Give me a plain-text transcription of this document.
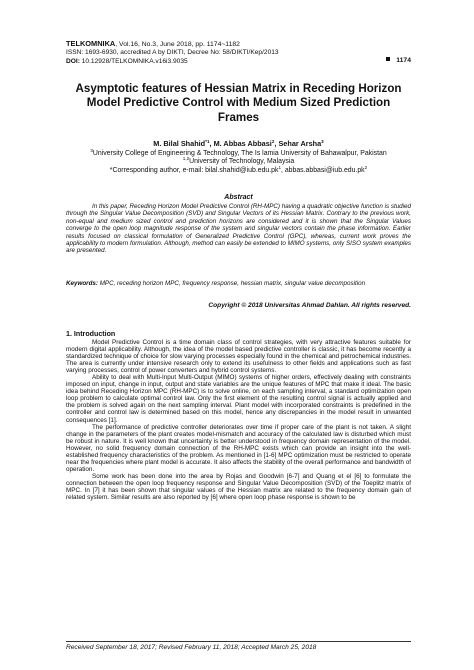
TELKOMNIKA, Vol.16, No.3, June 2018, pp. 1174~1182
ISSN: 1693-6930, accredited A by DIKTI, Decree No: 58/DIKTI/Kep/2013
DOI: 10.12928/TELKOMNIKA.v16i3.9035	1174
Asymptotic features of Hessian Matrix in Receding Horizon Model Predictive Control with Medium Sized Prediction Frames
M. Bilal Shahid$^{*1}$, M. Abbas Abbasi$^2$, Sehar Arsha$^3$
$^3$University College of Engineering & Technology, The Is lamia University of Bahawalpur, Pakistan
$^{1,2}$University of Technology, Malaysia
*Corresponding author, e-mail: $bilal.shahid@iub.edu.pk^1$, $abbas.abbasi@iub.edu.pk^2$
Abstract
In this paper, Receding Horizon Model Predictive Control (RH-MPC) having a quadratic objective function is studied through the Singular Value Decomposition (SVD) and Singular Vectors of its Hessian Matrix. Contrary to the previous work, non-equal and medium sized control and prediction horizons are considered and it is shown that the Singular Values converge to the open loop magnitude response of the system and singular vectors contain the phase information. Earlier results focused on classical formulation of Generalized Predictive Control (GPC), whereas, current work proves the applicability to modern formulation. Although, method can easily be extended to MIMO systems, only SISO system examples are presented.
Keywords: MPC, receding horizon MPC, frequency response, hessian matrix, singular value decomposition
Copyright © 2018 Universitas Ahmad Dahlan. All rights reserved.
1. Introduction

Model Predictive Control is a time domain class of control strategies, with very attractive features suitable for modern digital applicability. Although, the idea of the model based predictive controller is classic, it has become recently a standardized technique of choice for slow varying processes especially found in the chemical and petrochemical industries. The area is currently under intensive research only to extend its usefulness to other fields and applications such as fast varying processes, control of power converters and hybrid control systems.

Ability to deal with Multi-Input Multi-Output (MIMO) systems of higher orders, effectively dealing with constraints imposed on input, change in input, output and state variables are the unique features of MPC that make it ideal. The basic idea behind Receding Horizon MPC (RH-MPC) is to solve online, on each sampling interval, a standard optimization open loop problem to calculate optimal control law. Only the first element of the resulting control signal is actually applied and the problem is solved again on the next sampling interval. Plant model with incorporated constraints is predefined in the controller and control law is determined based on this model, hence any discrepancies in the model result in unwanted consequences [1].

The performance of predictive controller deteriorates over time if proper care of the plant is not taken. A slight change in the parameters of the plant creates model-mismatch and accuracy of the calculated law is disturbed which must be robust in nature. It is well known that uncertainty is better understood in frequency domain representation of the model. However, no solid frequency domain connection of the RH-MPC exists which can provide an insight into the well-established frequency characteristics of the problem. As mentioned in [1-6] MPC optimization must be restricted to operate near the frequencies where plant model is accurate. It also affects the stability of the overall performance and bandwidth of operation.

Some work has been done into the area by Rojas and Goodwin [6-7] and Quang et el [6] to formulate the connection between the open loop frequency response and Singular Value Decomposition (SVD) of the Toeplitz matrix of MPC. In [7] it has been shown that singular values of the Hessian matrix are related to the frequency domain gain of related system. Similar results are also reported by [6] where open loop phase response is shown to be

Received September 18, 2017; Revised February 11, 2018; Accepted March 25, 2018
